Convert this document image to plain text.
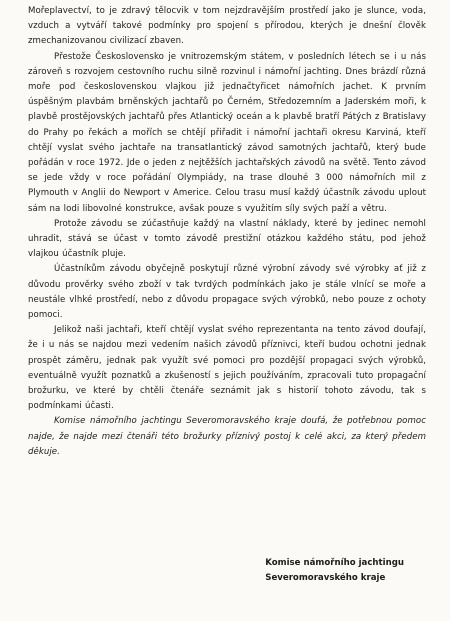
Mořeplavectví, to je zdravý tělocvik v tom nejzdravějším prostředí jako je slunce, voda, vzduch a vytváří takové podmínky pro spojení s přírodou, kterých je dnešní člověk zmechanizovanou civilizací zbaven.

Přestože Československo je vnitrozemským státem, v posledních létech se i u nás zároveň s rozvojem cestovního ruchu silně rozvinul i námořní jachting. Dnes brázdí různá moře pod československou vlajkou již jednačtyřicet námořních jachet. K prvním úspěšným plavbám brněnských jachtařů po Černém, Středozemním a Jaderském moři, k plavbě prostějovských jachtařů přes Atlantický oceán a k plavbě bratří Pátých z Bratislavy do Prahy po řekách a mořích se chtějí přiřadit i námořní jachtaři okresu Karviná, kteří chtějí vyslat svého jachtaře na transatlantický závod samotných jachtařů, který bude pořádán v roce 1972. Jde o jeden z nejtěžších jachtařských závodů na světě. Tento závod se jede vždy v roce pořádání Olympiády, na trase dlouhé 3 000 námořních mil z Plymouth v Anglii do Newport v Americe. Celou trasu musí každý účastník závodu uplout sám na lodi libovolné konstrukce, avšak pouze s využitím síly svých paží a větru.

Protože závodu se zúčastňuje každý na vlastní náklady, které by jedinec nemohl uhradit, stává se účast v tomto závodě prestižní otázkou každého státu, pod jehož vlajkou účastník pluje.

Účastníkům závodu obyčejně poskytují různé výrobní závody své výrobky ať již z důvodu prověrky svého zboží v tak tvrdých podmínkách jako je stále vlnící se moře a neustále vlhké prostředí, nebo z důvodu propagace svých výrobků, nebo pouze z ochoty pomoci.

Jelikož naši jachtaři, kteří chtějí vyslat svého reprezentanta na tento závod doufají, že i u nás se najdou mezi vedením našich závodů příznivci, kteří budou ochotni jednak prospět záměru, jednak pak využít své pomoci pro pozdější propagaci svých výrobků, eventuálně využít poznatků a zkušeností s jejich používáním, zpracovali tuto propagační brožurku, ve které by chtěli čtenáře seznámit jak s historií tohoto závodu, tak s podmínkami účasti.

Komise námořního jachtingu Severomoravského kraje doufá, že potřebnou pomoc najde, že najde mezi čtenáři této brožurky příznivý postoj k celé akci, za který předem děkuje.

Komise námořního jachtingu
Severomoravského kraje
